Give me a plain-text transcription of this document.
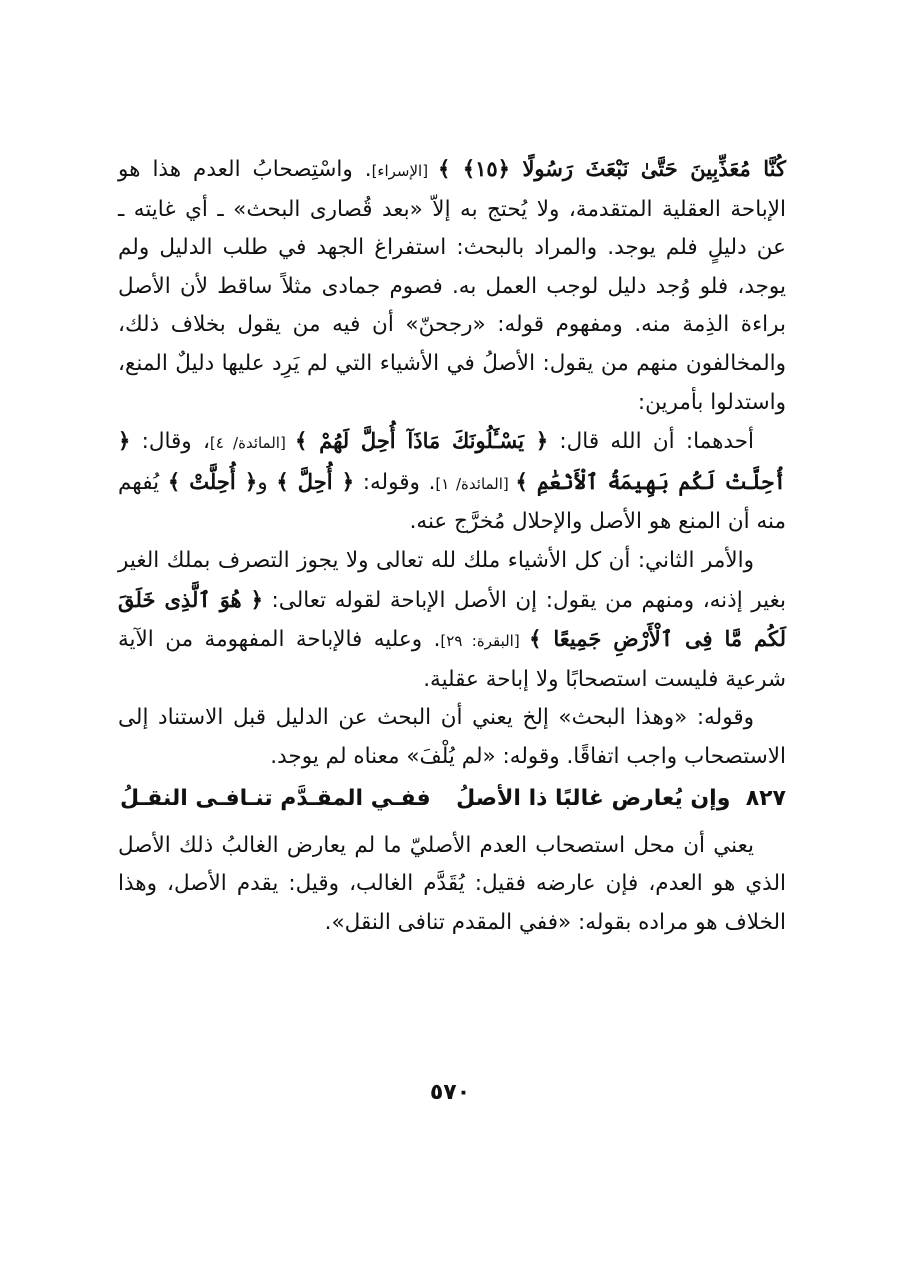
كُنَّا مُعَذِّبِينَ حَتَّىٰ نَبْعَثَ رَسُولًا ﴿١٥﴾ ﴾ [الإسراء]. واسْتِصحابُ العدم هذا هو الإباحة العقلية المتقدمة، ولا يُحتج به إلاّ «بعد قُصارى البحث» ـ أي غايته ـ عن دليلٍ فلم يوجد. والمراد بالبحث: استفراغ الجهد في طلب الدليل ولم يوجد، فلو وُجد دليل لوجب العمل به. فصوم جمادى مثلاً ساقط لأن الأصل براءة الذِمة منه. ومفهوم قوله: «رجحنّ» أن فيه من يقول بخلاف ذلك، والمخالفون منهم من يقول: الأصلُ في الأشياء التي لم يَرِد عليها دليلٌ المنع، واستدلوا بأمرين:

أحدهما: أن الله قال: ﴿ يَسْـَٔلُونَكَ مَاذَآ أُحِلَّ لَهُمْ ﴾ [المائدة/ ٤]، وقال: ﴿ أُحِلَّتْ لَكُم بَهِيمَةُ ٱلْأَنْعَٰمِ ﴾ [المائدة/ ١]. وقوله: ﴿ أُحِلَّ ﴾ و﴿ أُحِلَّتْ ﴾ يُفهم منه أن المنع هو الأصل والإحلال مُخرَّج عنه.

والأمر الثاني: أن كل الأشياء ملك لله تعالى ولا يجوز التصرف بملك الغير بغير إذنه، ومنهم من يقول: إن الأصل الإباحة لقوله تعالى: ﴿ هُوَ ٱلَّذِى خَلَقَ لَكُم مَّا فِى ٱلْأَرْضِ جَمِيعًا ﴾ [البقرة: ٢٩]. وعليه فالإباحة المفهومة من الآية شرعية فليست استصحابًا ولا إباحة عقلية.

وقوله: «وهذا البحث» إلخ يعني أن البحث عن الدليل قبل الاستناد إلى الاستصحاب واجب اتفاقًا. وقوله: «لم يُلْفَ» معناه لم يوجد.

٨٢٧  وإن يُعارض غالبًا ذا الأصلُ
ففـي المقـدَّم تنـافـى النقـلُ

يعني أن محل استصحاب العدم الأصليّ ما لم يعارض الغالبُ ذلك الأصل الذي هو العدم، فإن عارضه فقيل: يُقَدَّم الغالب، وقيل: يقدم الأصل، وهذا الخلاف هو مراده بقوله: «ففي المقدم تنافى النقل».

٥٧٠
